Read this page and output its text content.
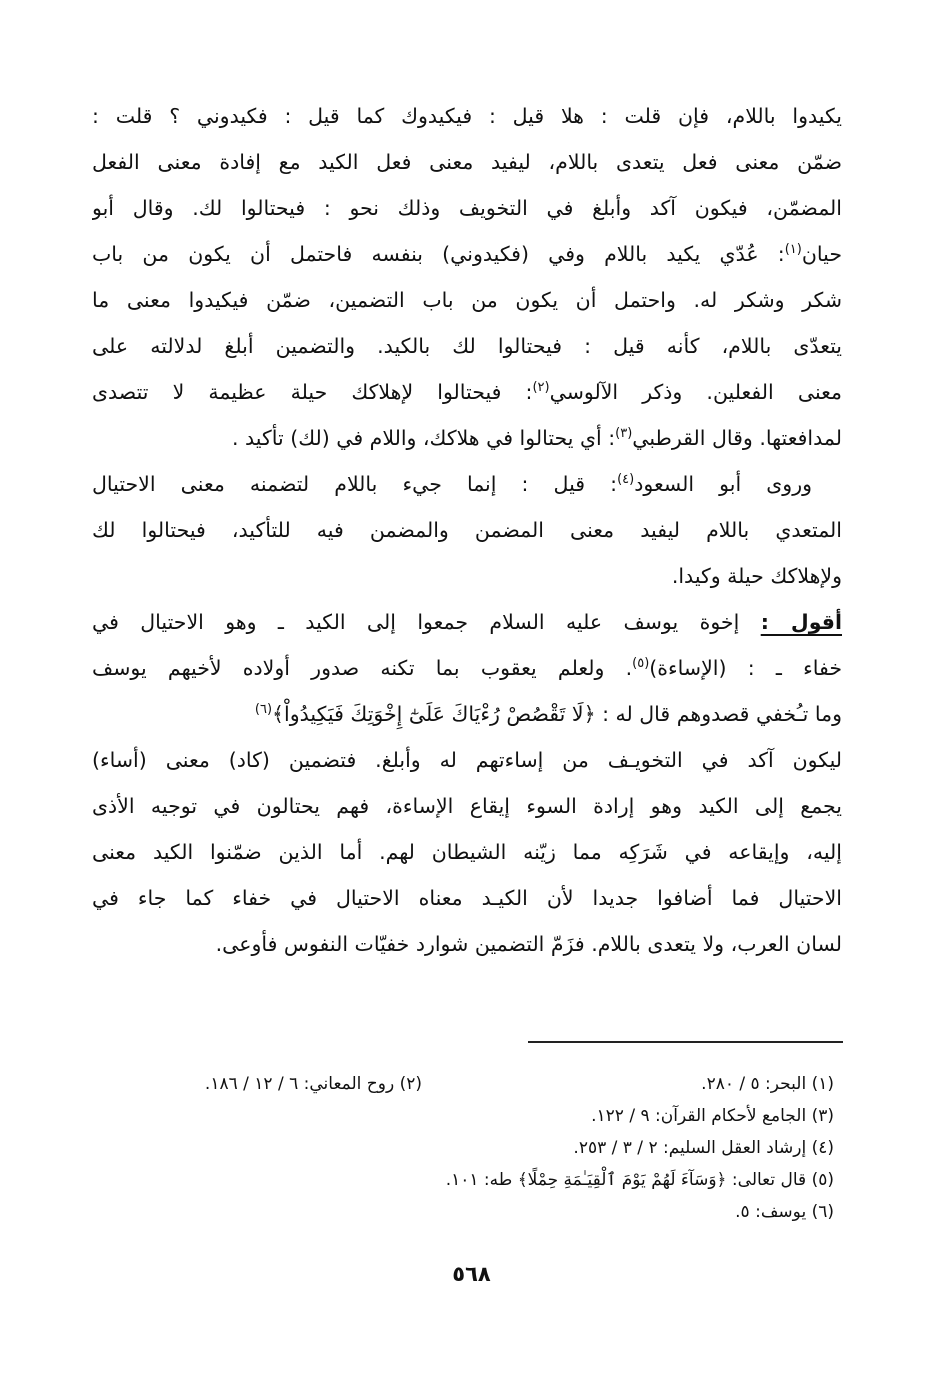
يكيدوا باللام، فإن قلت : هلا قيل : فيكيدوك كما قيل : فكيدوني ؟ قلت :
ضمّن معنى فعل يتعدى باللام، ليفيد معنى فعل الكيد مع إفادة معنى الفعل
المضمّن، فيكون آكد وأبلغ في التخويف وذلك نحو : فيحتالوا لك. وقال أبو
حيان$^{(١)}$: عُدّي يكيد باللام وفي (فكيدوني) بنفسه فاحتمل أن يكون من باب
شكر وشكر له. واحتمل أن يكون من باب التضمين، ضمّن فيكيدوا معنى ما
يتعدّى باللام، كأنه قيل : فيحتالوا لك بالكيد. والتضمين أبلغ لدلالته على
معنى الفعلين. وذكر الآلوسي$^{(٢)}$: فيحتالوا لإهلاكك حيلة عظيمة لا تتصدى
لمدافعتها. وقال القرطبي$^{(٣)}$: أي يحتالوا في هلاكك، واللام في (لك) تأكيد .
وروى أبو السعود$^{(٤)}$: قيل : إنما جيء باللام لتضمنه معنى الاحتيال
المتعدي باللام ليفيد معنى المضمن والمضمن فيه للتأكيد، فيحتالوا لك
ولإهلاكك حيلة وكيدا.
أقول : إخوة يوسف عليه السلام جمعوا إلى الكيد ـ وهو الاحتيال في
خفاء ـ : (الإساءة)$^{(٥)}$. ولعلم يعقوب بما تكنه صدور أولاده لأخيهم يوسف
وما تـُخفي قصدوهم قال له : ﴿لَا تَقْصُصْ رُءْيَاكَ عَلَىٰٓ إِخْوَتِكَ فَيَكِيدُواْ﴾$^{(٦)}$
ليكون آكد في التخويـف من إساءتهم له وأبلغ. فتضمين (كاد) معنى (أساء)
يجمع إلى الكيد وهو إرادة السوء إيقاع الإساءة، فهم يحتالون في توجيه الأذى
إليه، وإيقاعه في شَرَكِه مما زيّنه الشيطان لهم. أما الذين ضمّنوا الكيد معنى
الاحتيال فما أضافوا جديدا لأن الكيـد معناه الاحتيال في خفاء كما جاء في
لسان العرب، ولا يتعدى باللام. فزَمّ التضمين شوارد خفيّات النفوس فأوعى.
(١) البحر: ٥ / ٢٨٠.
(٢) روح المعاني: ٦ / ١٢ / ١٨٦.
(٣) الجامع لأحكام القرآن: ٩ / ١٢٢.
(٤) إرشاد العقل السليم: ٢ / ٣ / ٢٥٣.
(٥) قال تعالى: ﴿وَسَآءَ لَهُمْ يَوْمَ ٱلْقِيَـٰمَةِ حِمْلًا﴾ طه: ١٠١.
(٦) يوسف: ٥.
٥٦٨
